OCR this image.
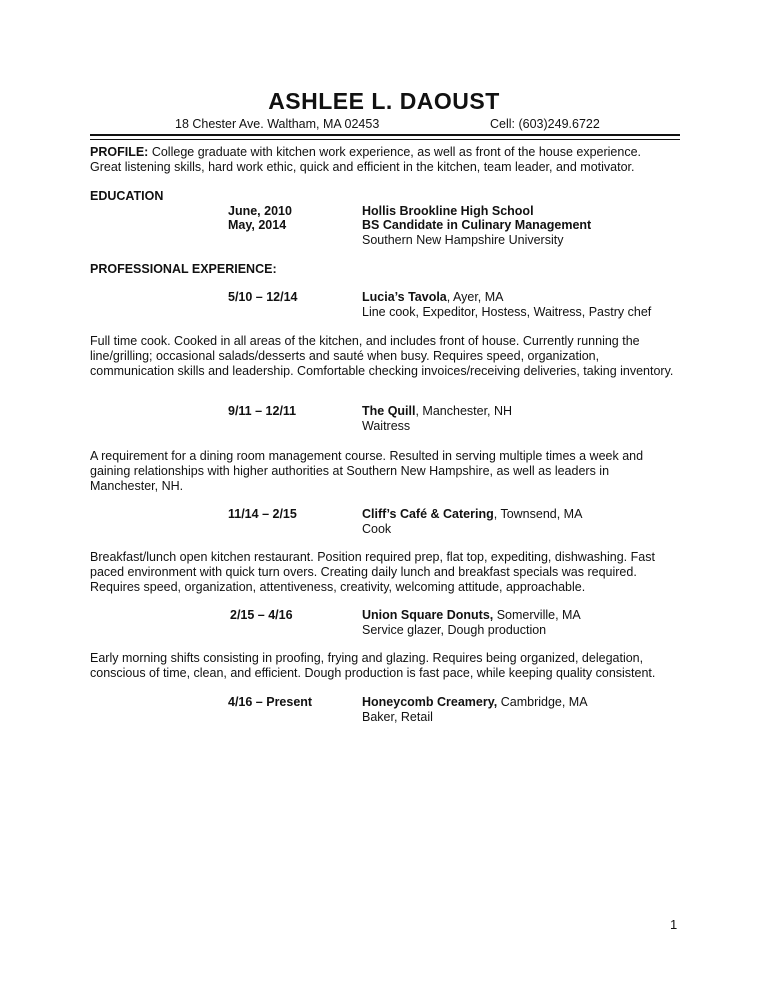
ASHLEE L. DAOUST
18 Chester Ave. Waltham, MA 02453	Cell: (603)249.6722
PROFILE: College graduate with kitchen work experience, as well as front of the house experience.
Great listening skills, hard work ethic, quick and efficient in the kitchen, team leader, and motivator.
EDUCATION
June, 2010	Hollis Brookline High School
May, 2014	BS Candidate in Culinary Management
Southern New Hampshire University
PROFESSIONAL EXPERIENCE:
5/10 – 12/14	Lucia’s Tavola, Ayer, MA
Line cook, Expeditor, Hostess, Waitress, Pastry chef
Full time cook. Cooked in all areas of the kitchen, and includes front of house. Currently running the
line/grilling; occasional salads/desserts and sauté when busy. Requires speed, organization,
communication skills and leadership. Comfortable checking invoices/receiving deliveries, taking inventory.
9/11 – 12/11	The Quill, Manchester, NH
Waitress
A requirement for a dining room management course. Resulted in serving multiple times a week and
gaining relationships with higher authorities at Southern New Hampshire, as well as leaders in
Manchester, NH.
11/14 – 2/15	Cliff’s Café & Catering, Townsend, MA
Cook
Breakfast/lunch open kitchen restaurant. Position required prep, flat top, expediting, dishwashing. Fast
paced environment with quick turn overs. Creating daily lunch and breakfast specials was required.
Requires speed, organization, attentiveness, creativity, welcoming attitude, approachable.
2/15 – 4/16	Union Square Donuts, Somerville, MA
Service glazer, Dough production
Early morning shifts consisting in proofing, frying and glazing. Requires being organized, delegation,
conscious of time, clean, and efficient. Dough production is fast pace, while keeping quality consistent.
4/16 – Present	Honeycomb Creamery, Cambridge, MA
Baker, Retail
1
